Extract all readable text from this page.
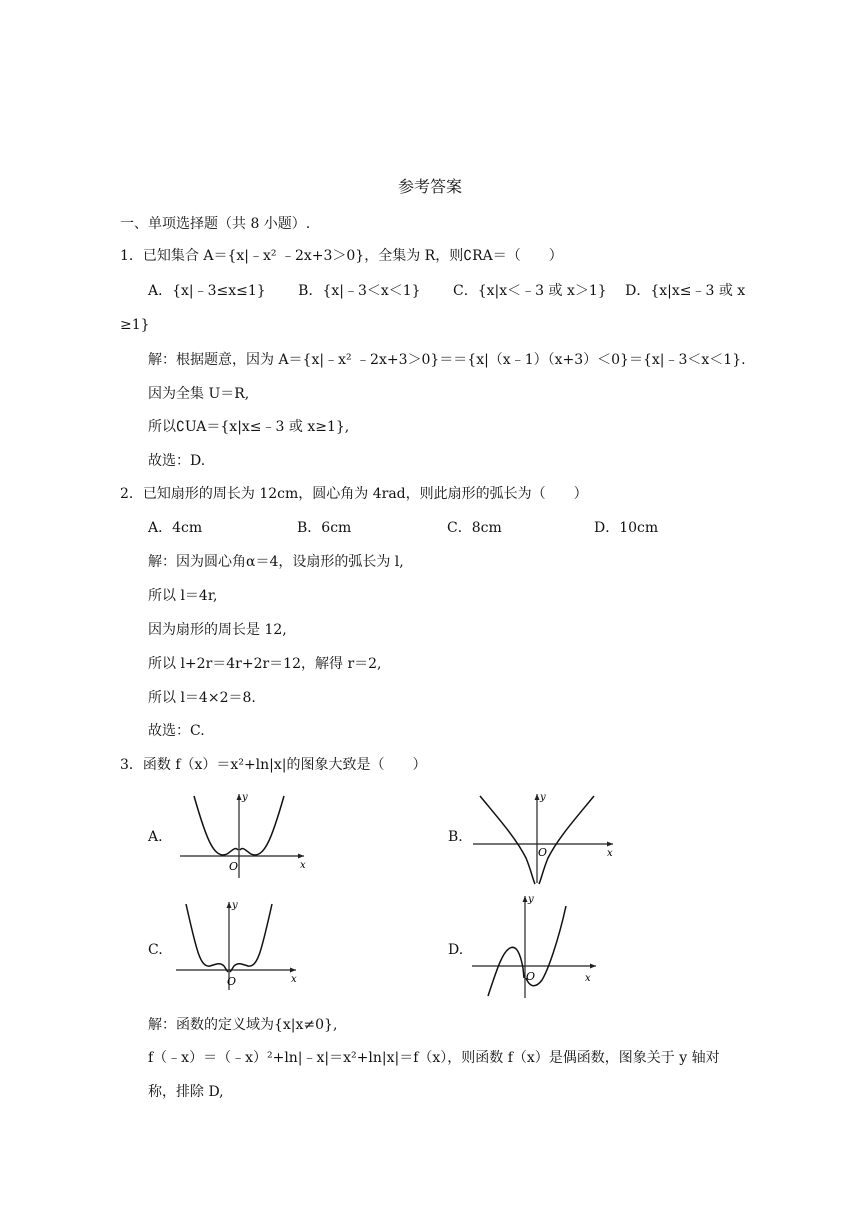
参考答案
一、单项选择题（共 8 小题）.
1．已知集合 A＝{x|﹣x² ﹣2x+3＞0}，全集为 R，则∁RA＝（　　）
A．{x|﹣3≤x≤1}　　 B．{x|﹣3＜x＜1}　　 C．{x|x＜﹣3 或 x＞1}　 D．{x|x≤﹣3 或 x
≥1}
解：根据题意，因为 A＝{x|﹣x² ﹣2x+3＞0}＝＝{x|（x﹣1）（x+3）＜0}＝{x|﹣3＜x＜1}.
因为全集 U＝R,
所以∁UA＝{x|x≤﹣3 或 x≥1},
故选：D.
2．已知扇形的周长为 12cm，圆心角为 4rad，则此扇形的弧长为（　　）
A．4cm	B．6cm	C．8cm	D．10cm
解：因为圆心角α＝4，设扇形的弧长为 l,
所以 l＝4r,
因为扇形的周长是 12,
所以 l+2r＝4r+2r＝12，解得 r＝2,
所以 l＝4×2＝8.
故选：C.
3．函数 f（x）＝x²+ln|x|的图象大致是（　　）
A.
y
x
O
B.
y
x
O
C.
y
x
O
D.
y
x
O
解：函数的定义域为{x|x≠0},
f（﹣x）＝（﹣x）²+ln|﹣x|＝x²+ln|x|＝f（x），则函数 f（x）是偶函数，图象关于 y 轴对
称，排除 D,
